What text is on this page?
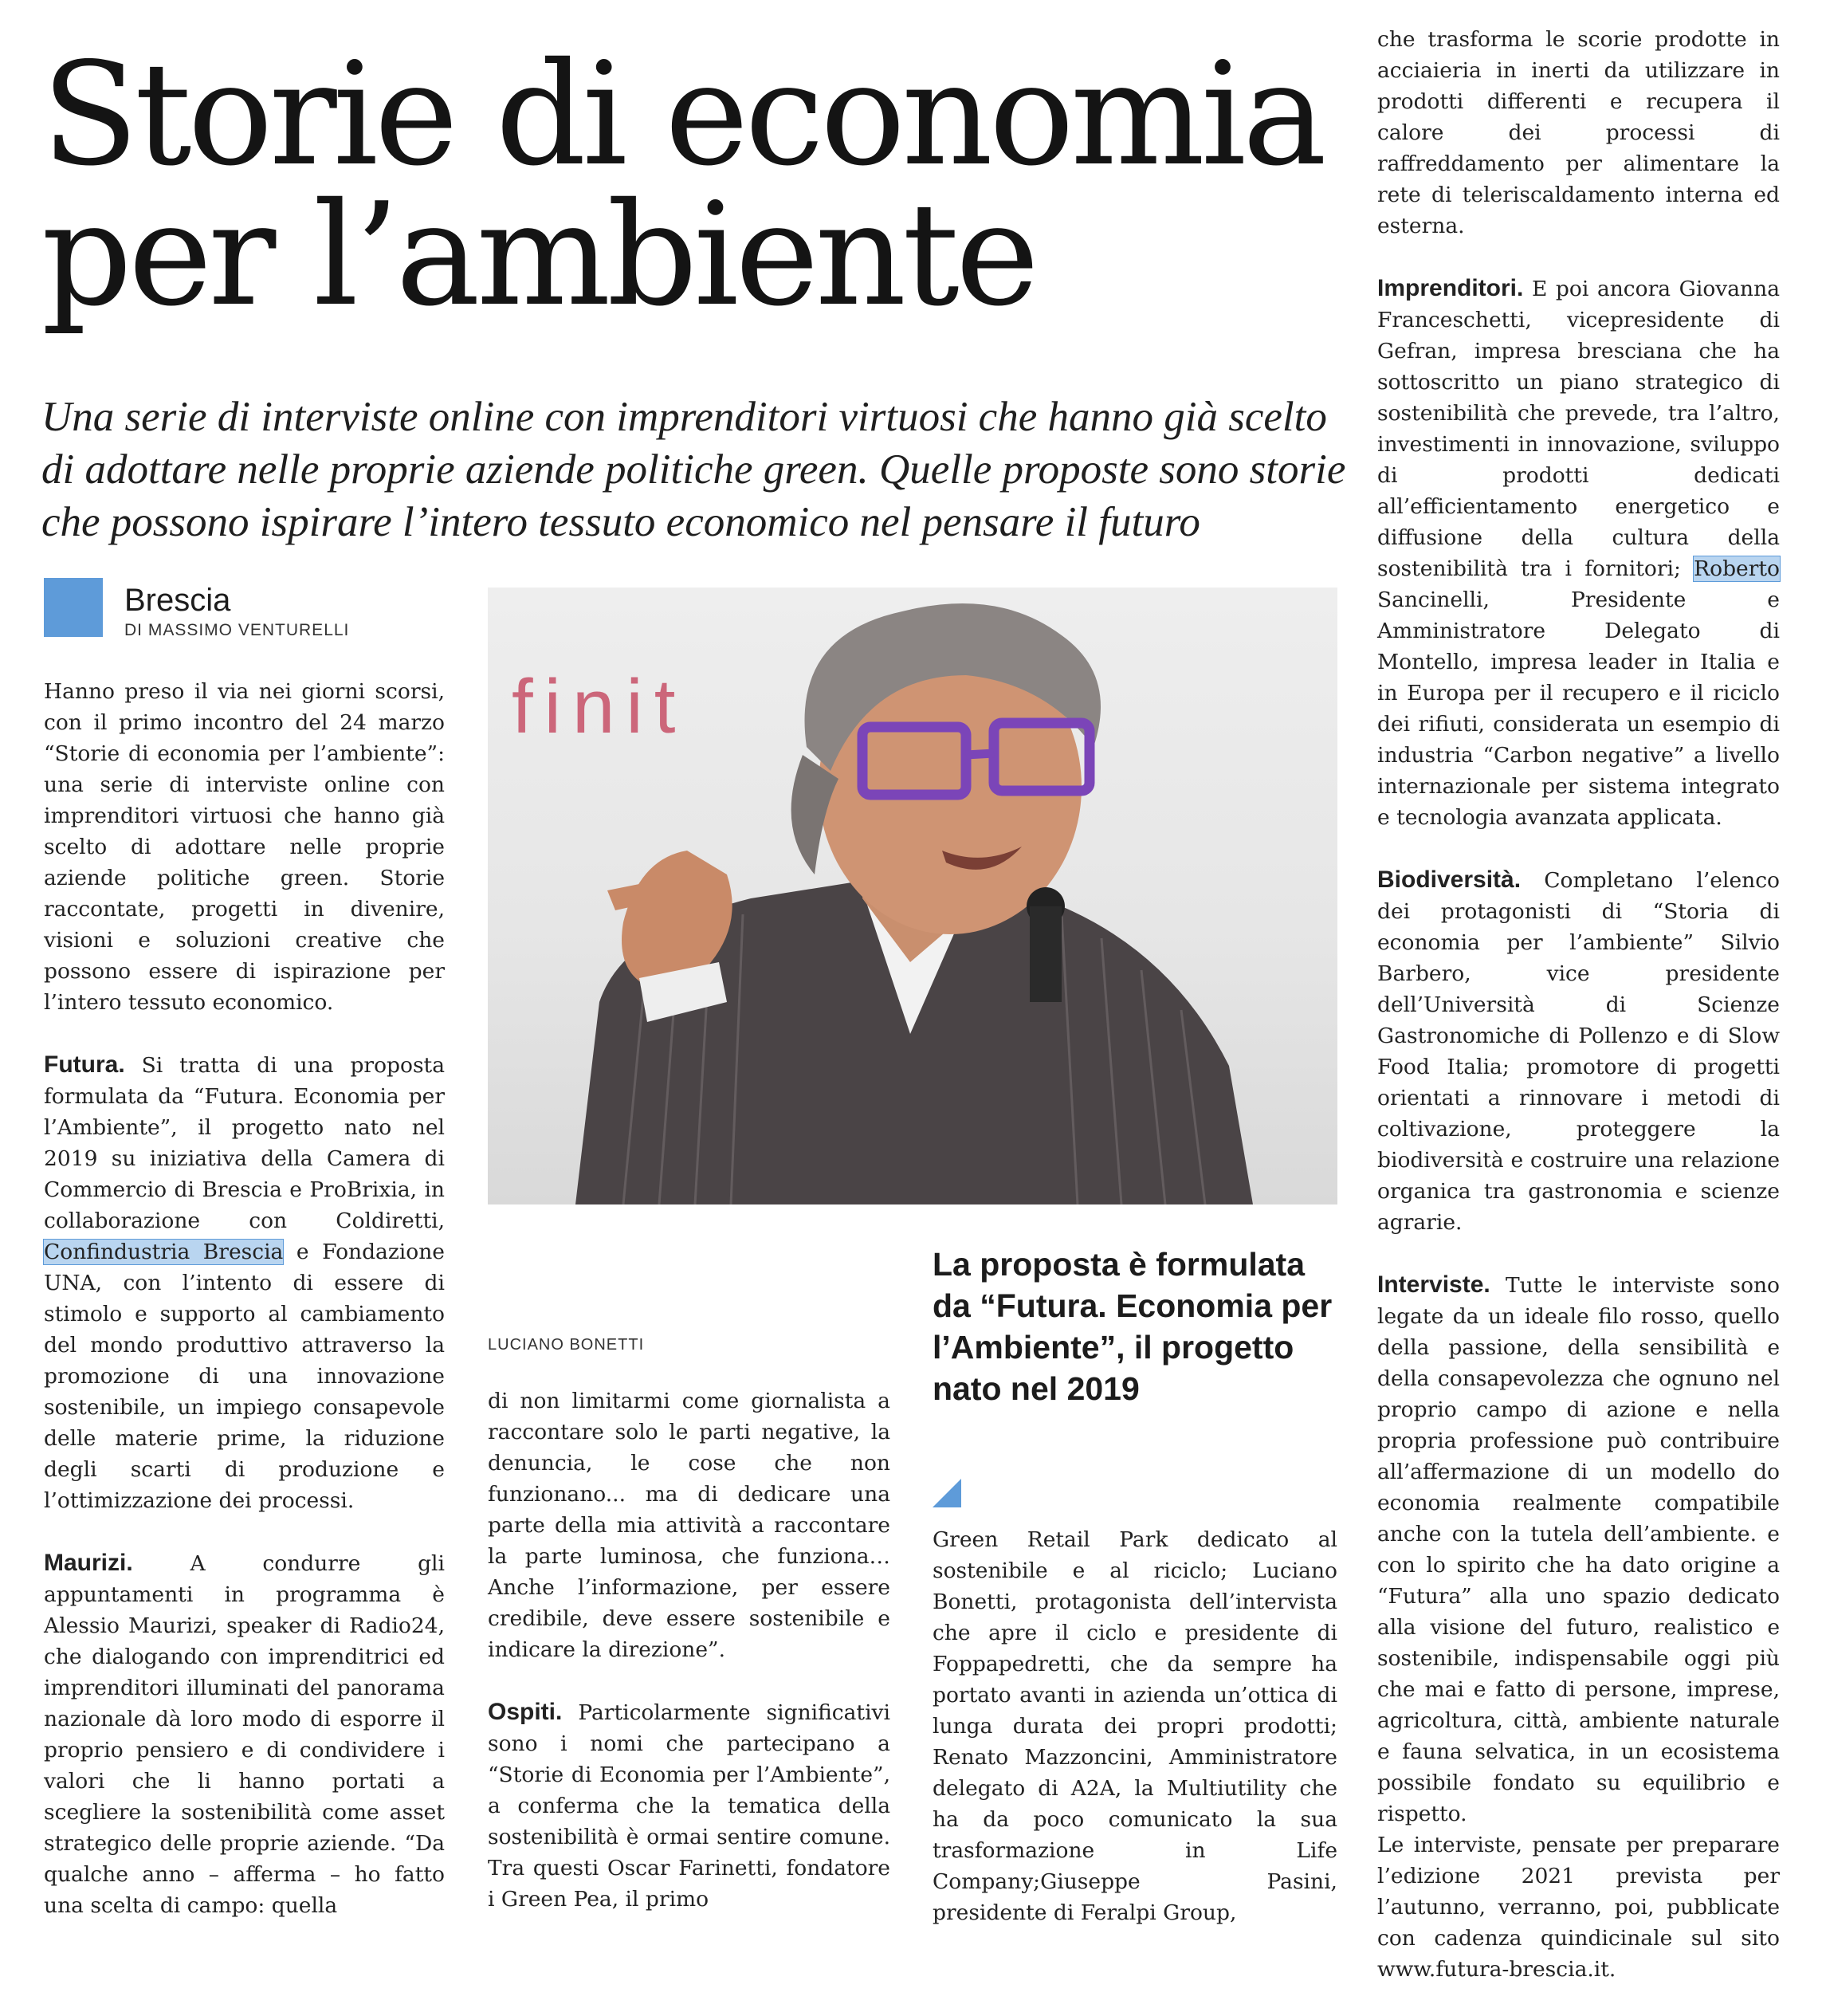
Storie di economia
per l’ambiente

Una serie di interviste online con imprenditori virtuosi che hanno già scelto di adottare nelle proprie aziende politiche green. Quelle proposte sono storie che possono ispirare l’intero tessuto economico nel pensare il futuro

Brescia
DI MASSIMO VENTURELLI

Hanno preso il via nei giorni scorsi, con il primo incontro del 24 marzo “Storie di economia per l’ambiente”: una serie di interviste online con imprenditori virtuosi che hanno già scelto di adottare nelle proprie aziende politiche green. Storie raccontate, progetti in divenire, visioni e soluzioni creative che possono essere di ispirazione per l’intero tessuto economico.

Futura. Si tratta di una proposta formulata da “Futura. Economia per l’Ambiente”, il progetto nato nel 2019 su iniziativa della Camera di Commercio di Brescia e ProBrixia, in collaborazione con Coldiretti, Confindustria Brescia e Fondazione UNA, con l’intento di essere di stimolo e supporto al cambiamento del mondo produttivo attraverso la promozione di una innovazione sostenibile, un impiego consapevole delle materie prime, la riduzione degli scarti di produzione e l’ottimizzazione dei processi.

Maurizi. A condurre gli appuntamenti in programma è Alessio Maurizi, speaker di Radio24, che dialogando con imprenditrici ed imprenditori illuminati del panorama nazionale dà loro modo di esporre il proprio pensiero e di condividere i valori che li hanno portati a scegliere la sostenibilità come asset strategico delle proprie aziende. “Da qualche anno – afferma – ho fatto una scelta di campo: quella

finit
LUCIANO BONETTI

di non limitarmi come giornalista a raccontare solo le parti negative, la denuncia, le cose che non funzionano... ma di dedicare una parte della mia attività a raccontare la parte luminosa, che funziona… Anche l’informazione, per essere credibile, deve essere sostenibile e indicare la direzione”.

Ospiti. Particolarmente significativi sono i nomi che partecipano a “Storie di Economia per l’Ambiente”, a conferma che la tematica della sostenibilità è ormai sentire comune. Tra questi Oscar Farinetti, fondatore i Green Pea, il primo

La proposta è formulata da “Futura. Economia per l’Ambiente”, il progetto nato nel 2019

Green Retail Park dedicato al sostenibile e al riciclo; Luciano Bonetti, protagonista dell’intervista che apre il ciclo e presidente di Foppapedretti, che da sempre ha portato avanti in azienda un’ottica di lunga durata dei propri prodotti; Renato Mazzoncini, Amministratore delegato di A2A, la Multiutility che ha da poco comunicato la sua trasformazione in Life Company;Giuseppe Pasini, presidente di Feralpi Group,

che trasforma le scorie prodotte in acciaieria in inerti da utilizzare in prodotti differenti e recupera il calore dei processi di raffreddamento per alimentare la rete di teleriscaldamento interna ed esterna.

Imprenditori. E poi ancora Giovanna Franceschetti, vicepresidente di Gefran, impresa bresciana che ha sottoscritto un piano strategico di sostenibilità che prevede, tra l’altro, investimenti in innovazione, sviluppo di prodotti dedicati all’efficientamento energetico e diffusione della cultura della sostenibilità tra i fornitori; Roberto Sancinelli, Presidente e Amministratore Delegato di Montello, impresa leader in Italia e in Europa per il recupero e il riciclo dei rifiuti, considerata un esempio di industria “Carbon negative” a livello internazionale per sistema integrato e tecnologia avanzata applicata.

Biodiversità. Completano l’elenco dei protagonisti di “Storia di economia per l’ambiente” Silvio Barbero, vice presidente dell’Università di Scienze Gastronomiche di Pollenzo e di Slow Food Italia; promotore di progetti orientati a rinnovare i metodi di coltivazione, proteggere la biodiversità e costruire una relazione organica tra gastronomia e scienze agrarie.

Interviste. Tutte le interviste sono legate da un ideale filo rosso, quello della passione, della sensibilità e della consapevolezza che ognuno nel proprio campo di azione e nella propria professione può contribuire all’affermazione di un modello do economia realmente compatibile anche con la tutela dell’ambiente. e con lo spirito che ha dato origine a “Futura” alla uno spazio dedicato alla visione del futuro, realistico e sostenibile, indispensabile oggi più che mai e fatto di persone, imprese, agricoltura, città, ambiente naturale e fauna selvatica, in un ecosistema possibile fondato su equilibrio e rispetto.

Le interviste, pensate per preparare l’edizione 2021 prevista per l’autunno, verranno, poi, pubblicate con cadenza quindicinale sul sito www.futura-brescia.it.
